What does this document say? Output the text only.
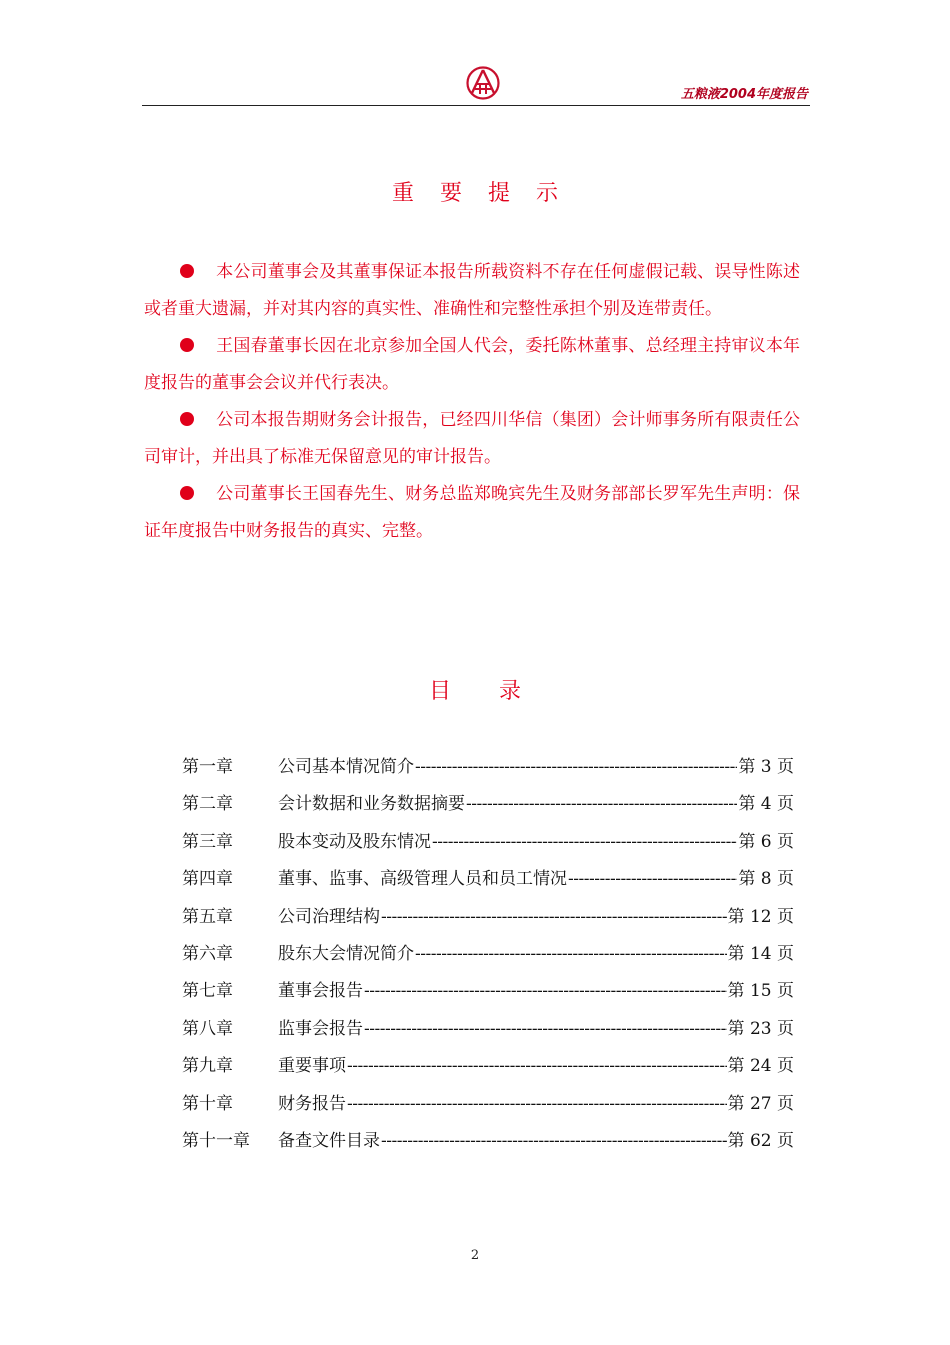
五粮液2004年度报告
重要提示

本公司董事会及其董事保证本报告所载资料不存在任何虚假记载、误导性陈述或者重大遗漏，并对其内容的真实性、准确性和完整性承担个别及连带责任。

王国春董事长因在北京参加全国人代会，委托陈林董事、总经理主持审议本年度报告的董事会会议并代行表决。

公司本报告期财务会计报告，已经四川华信（集团）会计师事务所有限责任公司审计，并出具了标准无保留意见的审计报告。

公司董事长王国春先生、财务总监郑晚宾先生及财务部部长罗军先生声明：保证年度报告中财务报告的真实、完整。

目录
第一章	公司基本情况简介 -----	第 3 页
第二章	会计数据和业务数据摘要 -----	第 4 页
第三章	股本变动及股东情况 -----	第 6 页
第四章	董事、监事、高级管理人员和员工情况 -----	第 8 页
第五章	公司治理结构 -----	第 12 页
第六章	股东大会情况简介 -----	第 14 页
第七章	董事会报告 -----	第 15 页
第八章	监事会报告 -----	第 23 页
第九章	重要事项 -----	第 24 页
第十章	财务报告 -----	第 27 页
第十一章	备查文件目录 -----	第 62 页
2
